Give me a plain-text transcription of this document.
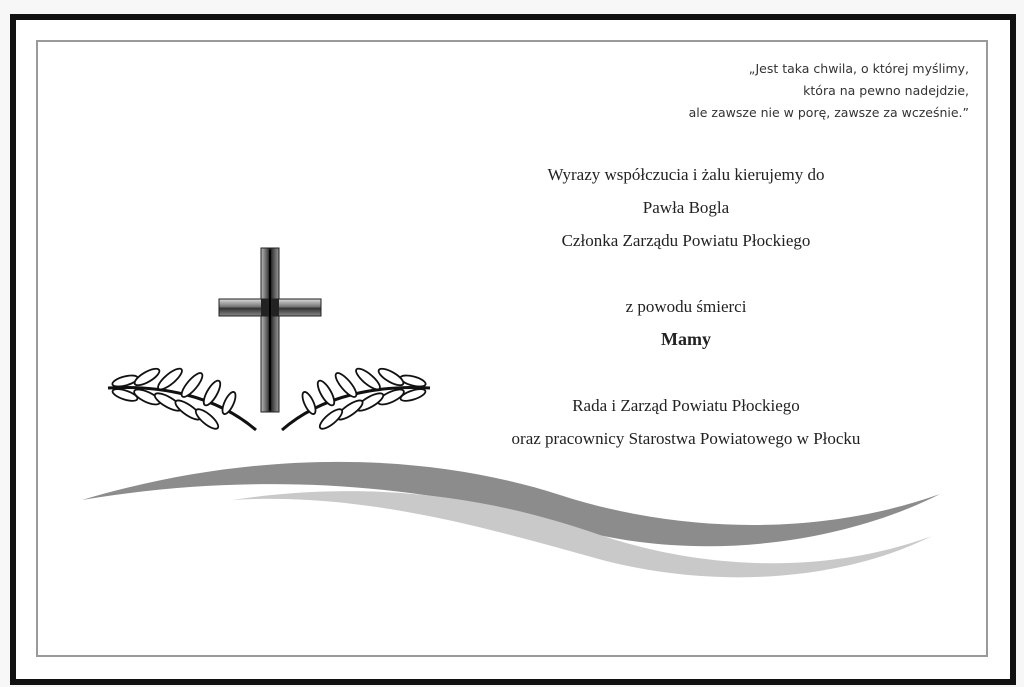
„Jest taka chwila, o której myślimy,
która na pewno nadejdzie,
ale zawsze nie w porę, zawsze za wcześnie.”
Wyrazy współczucia i żalu kierujemy do
Pawła Bogla
Członka Zarządu Powiatu Płockiego
z powodu śmierci
Mamy
Rada i Zarząd Powiatu Płockiego
oraz pracownicy Starostwa Powiatowego w Płocku
